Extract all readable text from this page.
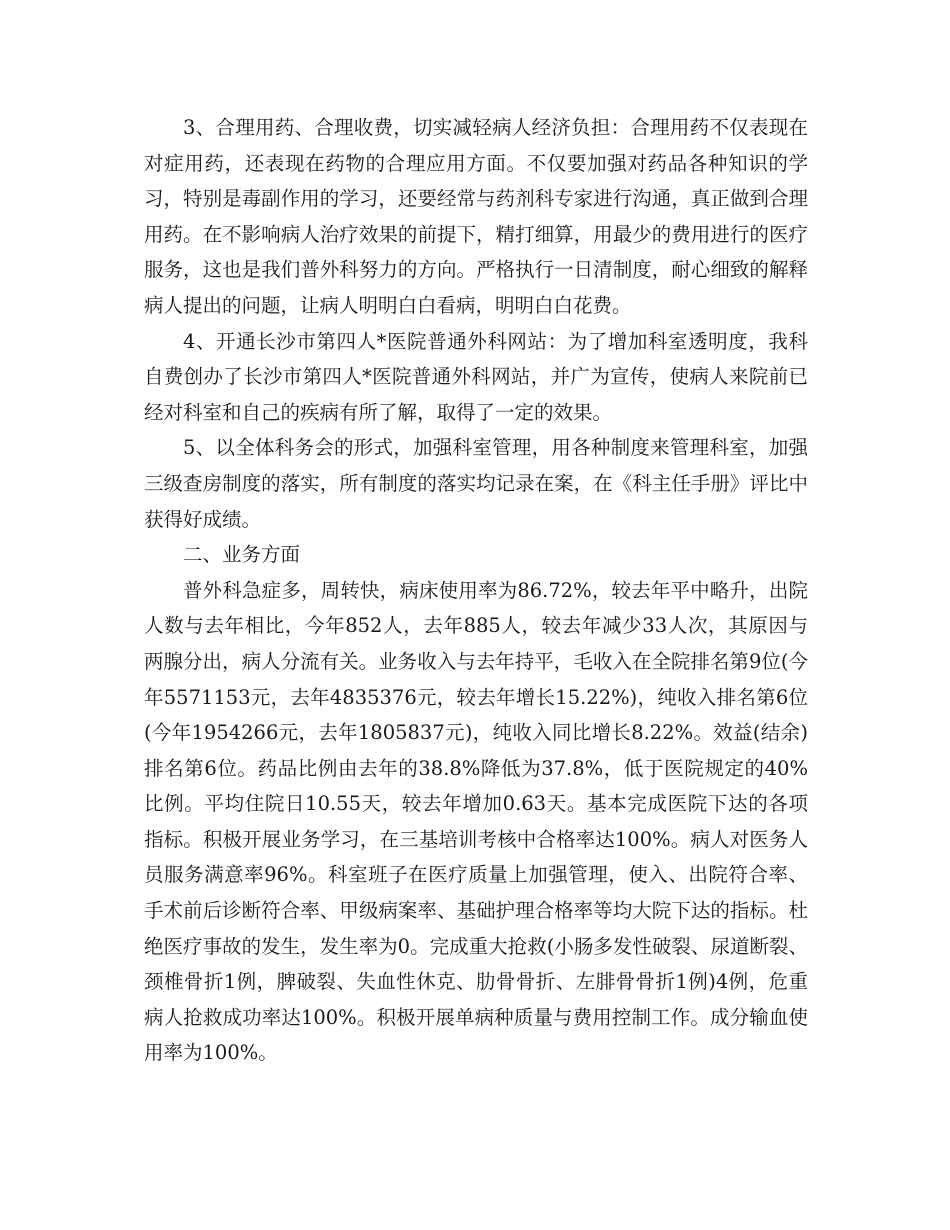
3、合理用药、合理收费，切实减轻病人经济负担：合理用药不仅表现在对症用药，还表现在药物的合理应用方面。不仅要加强对药品各种知识的学习，特别是毒副作用的学习，还要经常与药剂科专家进行沟通，真正做到合理用药。在不影响病人治疗效果的前提下，精打细算，用最少的费用进行的医疗服务，这也是我们普外科努力的方向。严格执行一日清制度，耐心细致的解释病人提出的问题，让病人明明白白看病，明明白白花费。

4、开通长沙市第四人*医院普通外科网站：为了增加科室透明度，我科自费创办了长沙市第四人*医院普通外科网站，并广为宣传，使病人来院前已经对科室和自己的疾病有所了解，取得了一定的效果。

5、以全体科务会的形式，加强科室管理，用各种制度来管理科室，加强三级查房制度的落实，所有制度的落实均记录在案，在《科主任手册》评比中获得好成绩。

二、业务方面

普外科急症多，周转快，病床使用率为86.72%，较去年平中略升，出院人数与去年相比，今年852人，去年885人，较去年减少33人次，其原因与两腺分出，病人分流有关。业务收入与去年持平，毛收入在全院排名第9位(今年5571153元，去年4835376元，较去年增长15.22%)，纯收入排名第6位(今年1954266元，去年1805837元)，纯收入同比增长8.22%。效益(结余)排名第6位。药品比例由去年的38.8%降低为37.8%，低于医院规定的40%比例。平均住院日10.55天，较去年增加0.63天。基本完成医院下达的各项指标。积极开展业务学习，在三基培训考核中合格率达100%。病人对医务人员服务满意率96%。科室班子在医疗质量上加强管理，使入、出院符合率、手术前后诊断符合率、甲级病案率、基础护理合格率等均大院下达的指标。杜绝医疗事故的发生，发生率为0。完成重大抢救(小肠多发性破裂、尿道断裂、颈椎骨折1例，脾破裂、失血性休克、肋骨骨折、左腓骨骨折1例)4例，危重病人抢救成功率达100%。积极开展单病种质量与费用控制工作。成分输血使用率为100%。
